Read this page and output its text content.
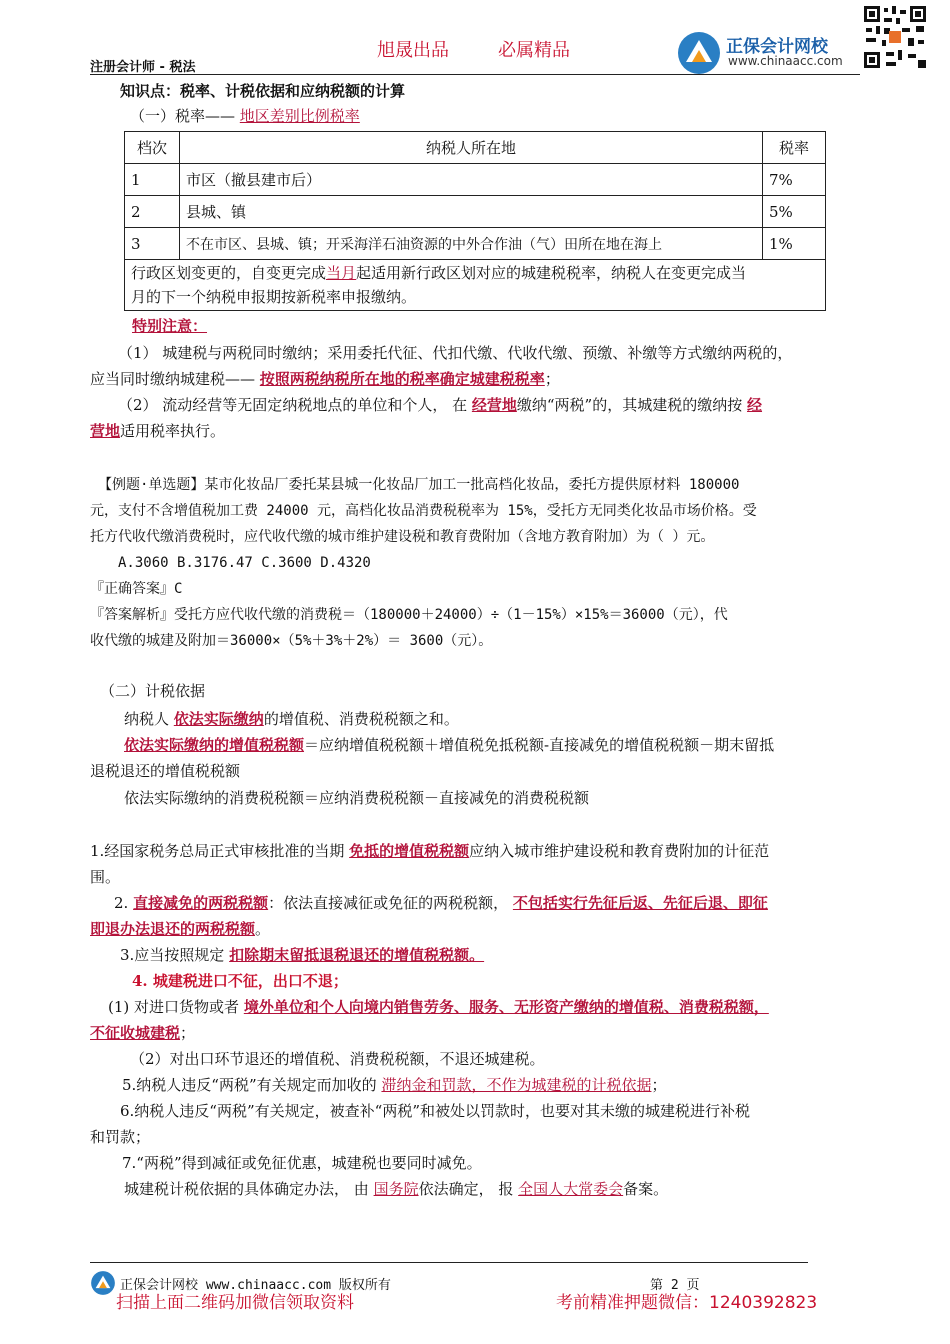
旭晟出品	必属精品
注册会计师 - 税法
正保会计网校
www.chinaacc.com
知识点：税率、计税依据和应纳税额的计算
（一）税率—— 地区差别比例税率
档次	纳税人所在地	税率
1	市区（撤县建市后）	7%
2	县城、镇	5%
3	不在市区、县城、镇；开采海洋石油资源的中外合作油（气）田所在地在海上	1%
行政区划变更的，自变更完成当月起适用新行政区划对应的城建税税率，纳税人在变更完成当
月的下一个纳税申报期按新税率申报缴纳。		
特别注意：
（1） 城建税与两税同时缴纳；采用委托代征、代扣代缴、代收代缴、预缴、补缴等方式缴纳两税的，
应当同时缴纳城建税—— 按照两税纳税所在地的税率确定城建税税率；
（2） 流动经营等无固定纳税地点的单位和个人， 在 经营地缴纳“两税”的，其城建税的缴纳按 经
营地适用税率执行。
【例题·单选题】某市化妆品厂委托某县城一化妆品厂加工一批高档化妆品，委托方提供原材料 180000
元，支付不含增值税加工费 24000 元，高档化妆品消费税税率为 15%，受托方无同类化妆品市场价格。受
托方代收代缴消费税时，应代收代缴的城市维护建设税和教育费附加（含地方教育附加）为（ ）元。
A.3060 B.3176.47 C.3600 D.4320
『正确答案』C
『答案解析』受托方应代收代缴的消费税＝（180000＋24000）÷（1－15%）×15%＝36000（元），代
收代缴的城建及附加＝36000×（5%＋3%＋2%）＝ 3600（元）。
（二）计税依据
纳税人 依法实际缴纳的增值税、消费税税额之和。
依法实际缴纳的增值税税额＝应纳增值税税额＋增值税免抵税额-直接减免的增值税税额－期末留抵
退税退还的增值税税额
依法实际缴纳的消费税税额＝应纳消费税税额－直接减免的消费税税额
1.经国家税务总局正式审核批准的当期 免抵的增值税税额应纳入城市维护建设税和教育费附加的计征范
围。
2. 直接减免的两税税额：依法直接减征或免征的两税税额， 不包括实行先征后返、先征后退、即征
即退办法退还的两税税额。
3.应当按照规定 扣除期末留抵退税退还的增值税税额。
4. 城建税进口不征，出口不退；
(1) 对进口货物或者 境外单位和个人向境内销售劳务、服务、无形资产缴纳的增值税、消费税税额，
不征收城建税；
（2）对出口环节退还的增值税、消费税税额，不退还城建税。
5.纳税人违反“两税”有关规定而加收的 滞纳金和罚款，不作为城建税的计税依据；
6.纳税人违反“两税”有关规定，被查补“两税”和被处以罚款时，也要对其未缴的城建税进行补税
和罚款；
7.“两税”得到减征或免征优惠，城建税也要同时减免。
城建税计税依据的具体确定办法， 由 国务院依法确定， 报 全国人大常委会备案。
正保会计网校 www.chinaacc.com 版权所有	第 2 页
扫描上面二维码加微信领取资料	考前精准押题微信：1240392823
